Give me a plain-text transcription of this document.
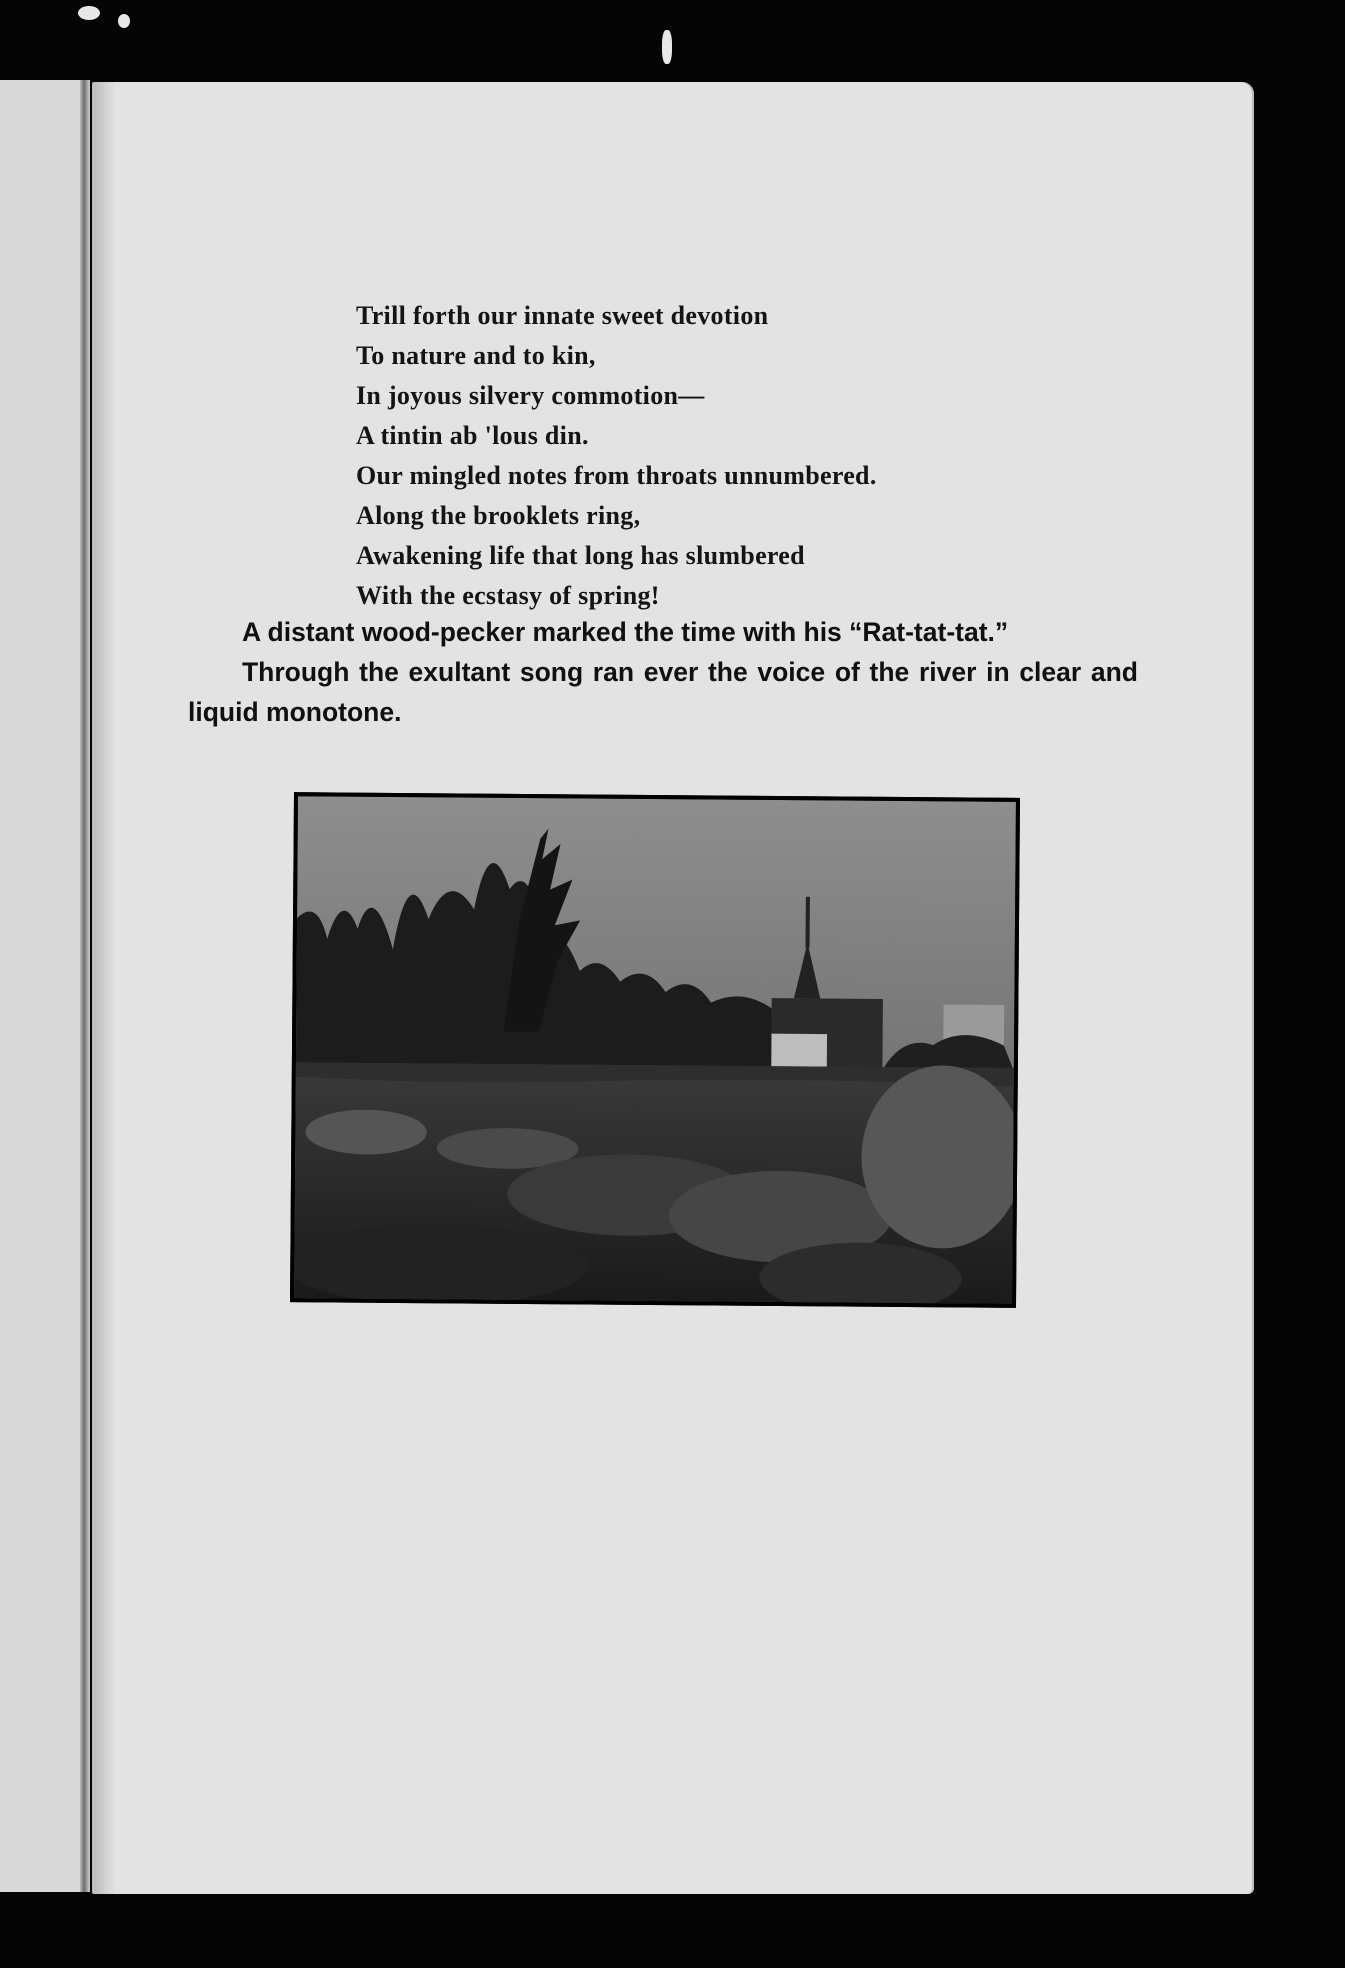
Trill forth our innate sweet devotion
To nature and to kin,
In joyous silvery commotion—
A tintin ab 'lous din.
Our mingled notes from throats unnumbered.
Along the brooklets ring,
Awakening life that long has slumbered
With the ecstasy of spring!

A distant wood-pecker marked the time with his “Rat-tat-tat.”

Through the exultant song ran ever the voice of the river in clear and liquid monotone.
